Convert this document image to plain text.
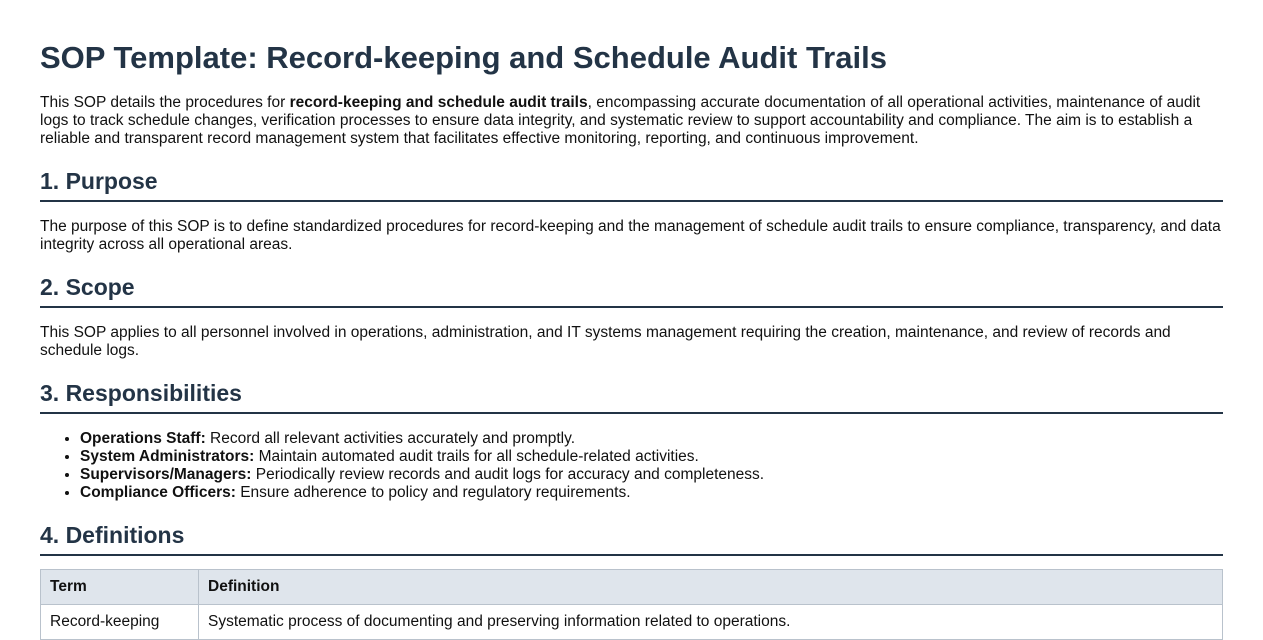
SOP Template: Record-keeping and Schedule Audit Trails

This SOP details the procedures for record-keeping and schedule audit trails, encompassing accurate documentation of all operational activities, maintenance of audit logs to track schedule changes, verification processes to ensure data integrity, and systematic review to support accountability and compliance. The aim is to establish a reliable and transparent record management system that facilitates effective monitoring, reporting, and continuous improvement.

1. Purpose

The purpose of this SOP is to define standardized procedures for record-keeping and the management of schedule audit trails to ensure compliance, transparency, and data integrity across all operational areas.

2. Scope

This SOP applies to all personnel involved in operations, administration, and IT systems management requiring the creation, maintenance, and review of records and schedule logs.

3. Responsibilities
• Operations Staff: Record all relevant activities accurately and promptly.
• System Administrators: Maintain automated audit trails for all schedule-related activities.
• Supervisors/Managers: Periodically review records and audit logs for accuracy and completeness.
• Compliance Officers: Ensure adherence to policy and regulatory requirements.
4. Definitions
Term	Definition
Record-keeping	Systematic process of documenting and preserving information related to operations.
